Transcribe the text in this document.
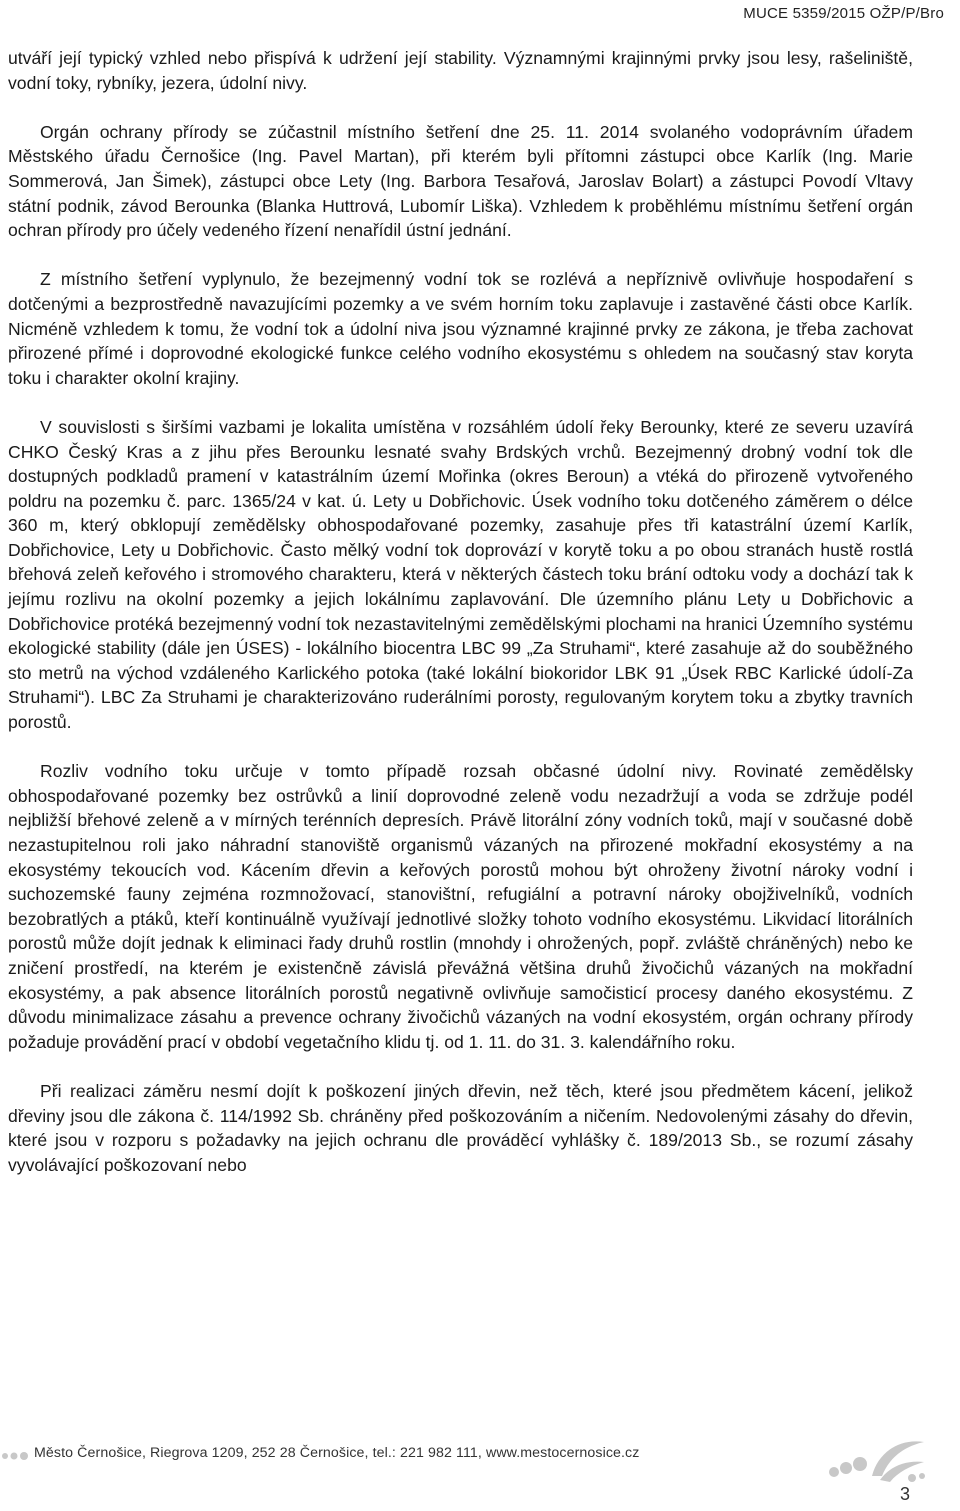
MUCE 5359/2015 OŽP/P/Bro

utváří její typický vzhled nebo přispívá k udržení její stability. Významnými krajinnými prvky jsou lesy, rašeliniště, vodní toky, rybníky, jezera, údolní nivy.

Orgán ochrany přírody se zúčastnil místního šetření dne 25. 11. 2014 svolaného vodoprávním úřadem Městského úřadu Černošice (Ing. Pavel Martan), při kterém byli přítomni zástupci obce Karlík (Ing. Marie Sommerová, Jan Šimek), zástupci obce Lety (Ing. Barbora Tesařová, Jaroslav Bolart) a zástupci Povodí Vltavy státní podnik, závod Berounka (Blanka Huttrová, Lubomír Liška). Vzhledem k proběhlému místnímu šetření orgán ochran přírody pro účely vedeného řízení nenařídil ústní jednání.

Z místního šetření vyplynulo, že bezejmenný vodní tok se rozlévá a nepříznivě ovlivňuje hospodaření s dotčenými a bezprostředně navazujícími pozemky a ve svém horním toku zaplavuje i zastavěné části obce Karlík. Nicméně vzhledem k tomu, že vodní tok a údolní niva jsou významné krajinné prvky ze zákona, je třeba zachovat přirozené přímé i doprovodné ekologické funkce celého vodního ekosystému s ohledem na současný stav koryta toku i charakter okolní krajiny.

V souvislosti s širšími vazbami je lokalita umístěna v rozsáhlém údolí řeky Berounky, které ze severu uzavírá CHKO Český Kras a z jihu přes Berounku lesnaté svahy Brdských vrchů. Bezejmenný drobný vodní tok dle dostupných podkladů pramení v katastrálním území Mořinka (okres Beroun) a vtéká do přirozeně vytvořeného poldru na pozemku č. parc. 1365/24 v kat. ú. Lety u Dobřichovic. Úsek vodního toku dotčeného záměrem o délce 360 m, který obklopují zemědělsky obhospodařované pozemky, zasahuje přes tři katastrální území Karlík, Dobřichovice, Lety u Dobřichovic. Často mělký vodní tok doprovází v korytě toku a po obou stranách hustě rostlá břehová zeleň keřového i stromového charakteru, která v některých částech toku brání odtoku vody a dochází tak k jejímu rozlivu na okolní pozemky a jejich lokálnímu zaplavování. Dle územního plánu Lety u Dobřichovic a Dobřichovice protéká bezejmenný vodní tok nezastavitelnými zemědělskými plochami na hranici Územního systému ekologické stability (dále jen ÚSES) - lokálního biocentra LBC 99 „Za Struhami“, které zasahuje až do souběžného sto metrů na východ vzdáleného Karlického potoka (také lokální biokoridor LBK 91 „Úsek RBC Karlické údolí-Za Struhami“). LBC Za Struhami je charakterizováno ruderálními porosty, regulovaným korytem toku a zbytky travních porostů.

Rozliv vodního toku určuje v tomto případě rozsah občasné údolní nivy. Rovinaté zemědělsky obhospodařované pozemky bez ostrůvků a linií doprovodné zeleně vodu nezadržují a voda se zdržuje podél nejbližší břehové zeleně a v mírných terénních depresích. Právě litorální zóny vodních toků, mají v současné době nezastupitelnou roli jako náhradní stanoviště organismů vázaných na přirozené mokřadní ekosystémy a na ekosystémy tekoucích vod. Kácením dřevin a keřových porostů mohou být ohroženy životní nároky vodní i suchozemské fauny zejména rozmnožovací, stanovištní, refugiální a potravní nároky obojživelníků, vodních bezobratlých a ptáků, kteří kontinuálně využívají jednotlivé složky tohoto vodního ekosystému. Likvidací litorálních porostů může dojít jednak k eliminaci řady druhů rostlin (mnohdy i ohrožených, popř. zvláště chráněných) nebo ke zničení prostředí, na kterém je existenčně závislá převážná většina druhů živočichů vázaných na mokřadní ekosystémy, a pak absence litorálních porostů negativně ovlivňuje samočisticí procesy daného ekosystému. Z důvodu minimalizace zásahu a prevence ochrany živočichů vázaných na vodní ekosystém, orgán ochrany přírody požaduje provádění prací v období vegetačního klidu tj. od 1. 11. do 31. 3. kalendářního roku.

Při realizaci záměru nesmí dojít k poškození jiných dřevin, než těch, které jsou předmětem kácení, jelikož dřeviny jsou dle zákona č. 114/1992 Sb. chráněny před poškozováním a ničením. Nedovolenými zásahy do dřevin, které jsou v rozporu s požadavky na jejich ochranu dle prováděcí vyhlášky č. 189/2013 Sb., se rozumí zásahy vyvolávající poškozovaní nebo

Město Černošice, Riegrova 1209, 252 28 Černošice, tel.: 221 982 111, www.mestocernosice.cz
3
